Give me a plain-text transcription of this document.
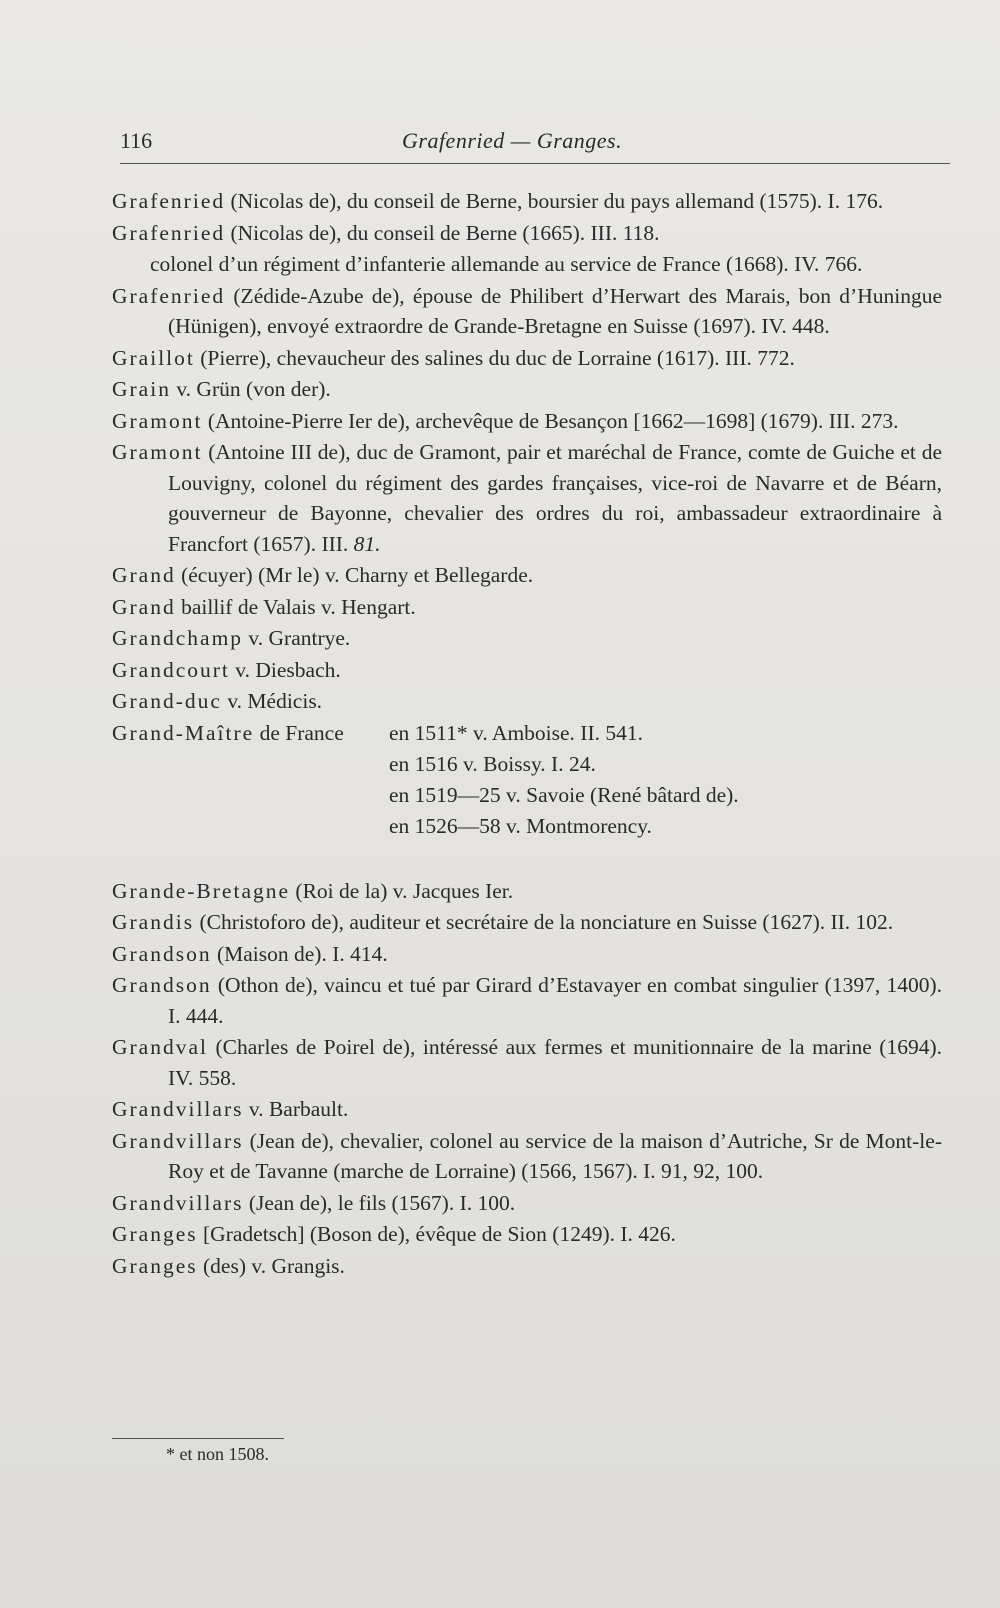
116	Grafenried — Granges.

Grafenried (Nicolas de), du conseil de Berne, boursier du pays allemand (1575). I. 176.

Grafenried (Nicolas de), du conseil de Berne (1665). III. 118.

colonel d’un régiment d’infanterie allemande au service de France (1668). IV. 766.

Grafenried (Zédide-Azube de), épouse de Philibert d’Herwart des Marais, bon d’Huningue (Hünigen), envoyé extraordre de Grande-Bretagne en Suisse (1697). IV. 448.

Graillot (Pierre), chevaucheur des salines du duc de Lorraine (1617). III. 772.

Grain v. Grün (von der).

Gramont (Antoine-Pierre Ier de), archevêque de Besançon [1662—1698] (1679). III. 273.

Gramont (Antoine III de), duc de Gramont, pair et maréchal de France, comte de Guiche et de Louvigny, colonel du régiment des gardes françaises, vice-roi de Navarre et de Béarn, gouverneur de Bayonne, chevalier des ordres du roi, ambassadeur extraordinaire à Francfort (1657). III. 81.

Grand (écuyer) (Mr le) v. Charny et Bellegarde.

Grand baillif de Valais v. Hengart.

Grandchamp v. Grantrye.

Grandcourt v. Diesbach.

Grand-duc v. Médicis.

Grand-Maître de France en 1511* v. Amboise. II. 541.
en 1516 v. Boissy. I. 24.
en 1519—25 v. Savoie (René bâtard de).
en 1526—58 v. Montmorency.

Grande-Bretagne (Roi de la) v. Jacques Ier.

Grandis (Christoforo de), auditeur et secrétaire de la nonciature en Suisse (1627). II. 102.

Grandson (Maison de). I. 414.

Grandson (Othon de), vaincu et tué par Girard d’Estavayer en combat singulier (1397, 1400). I. 444.

Grandval (Charles de Poirel de), intéressé aux fermes et munitionnaire de la marine (1694). IV. 558.

Grandvillars v. Barbault.

Grandvillars (Jean de), chevalier, colonel au service de la maison d’Autriche, Sr de Mont-le-Roy et de Tavanne (marche de Lorraine) (1566, 1567). I. 91, 92, 100.

Grandvillars (Jean de), le fils (1567). I. 100.

Granges [Gradetsch] (Boson de), évêque de Sion (1249). I. 426.

Granges (des) v. Grangis.

* et non 1508.
